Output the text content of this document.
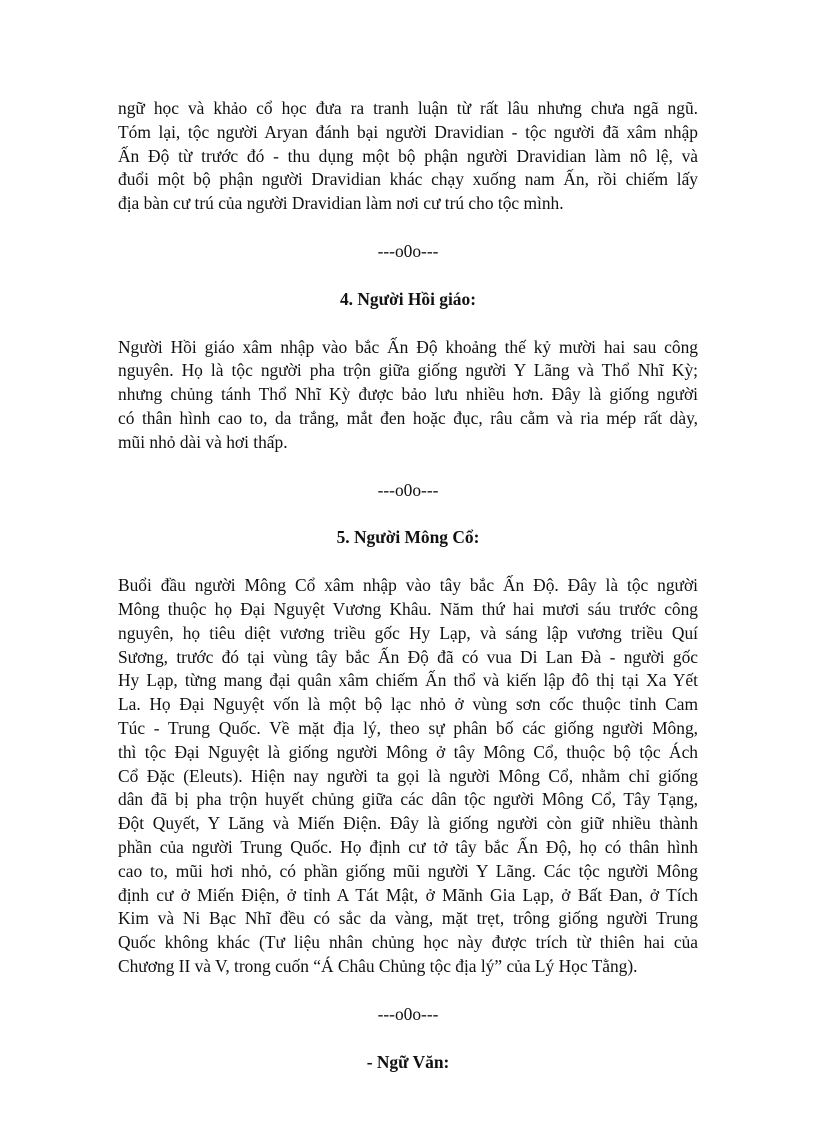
ngữ học và khảo cổ học đưa ra tranh luận từ rất lâu nhưng chưa ngã ngũ.
Tóm lại, tộc người Aryan đánh bại người Dravidian - tộc người đã xâm nhập
Ấn Độ từ trước đó - thu dụng một bộ phận người Dravidian làm nô lệ, và
đuổi một bộ phận người Dravidian khác chạy xuống nam Ấn, rồi chiếm lấy
địa bàn cư trú của người Dravidian làm nơi cư trú cho tộc mình.

---o0o---

4. Người Hồi giáo:

Người Hồi giáo xâm nhập vào bắc Ấn Độ khoảng thế kỷ mười hai sau công
nguyên. Họ là tộc người pha trộn giữa giống người Y Lãng và Thổ Nhĩ Kỳ;
nhưng chủng tánh Thổ Nhĩ Kỳ được bảo lưu nhiều hơn. Đây là giống người
có thân hình cao to, da trắng, mắt đen hoặc đục, râu cằm và ria mép rất dày,
mũi nhỏ dài và hơi thấp.

---o0o---

5. Người Mông Cổ:

Buổi đầu người Mông Cổ xâm nhập vào tây bắc Ấn Độ. Đây là tộc người
Mông thuộc họ Đại Nguyệt Vương Khâu. Năm thứ hai mươi sáu trước công
nguyên, họ tiêu diệt vương triều gốc Hy Lạp, và sáng lập vương triều Quí
Sương, trước đó tại vùng tây bắc Ấn Độ đã có vua Di Lan Đà - người gốc
Hy Lạp, từng mang đại quân xâm chiếm Ấn thổ và kiến lập đô thị tại Xa Yết
La. Họ Đại Nguyệt vốn là một bộ lạc nhỏ ở vùng sơn cốc thuộc tỉnh Cam
Túc - Trung Quốc. Về mặt địa lý, theo sự phân bố các giống người Mông,
thì tộc Đại Nguyệt là giống người Mông ở tây Mông Cổ, thuộc bộ tộc Ách
Cổ Đặc (Eleuts). Hiện nay người ta gọi là người Mông Cổ, nhằm chỉ giống
dân đã bị pha trộn huyết chủng giữa các dân tộc người Mông Cổ, Tây Tạng,
Đột Quyết, Y Lăng và Miến Điện. Đây là giống người còn giữ nhiều thành
phần của người Trung Quốc. Họ định cư tở tây bắc Ấn Độ, họ có thân hình
cao to, mũi hơi nhỏ, có phần giống mũi người Y Lãng. Các tộc người Mông
định cư ở Miến Điện, ở tỉnh A Tát Mật, ở Mãnh Gia Lạp, ở Bất Đan, ở Tích
Kim và Ni Bạc Nhĩ đều có sắc da vàng, mặt trẹt, trông giống người Trung
Quốc không khác (Tư liệu nhân chủng học này được trích từ thiên hai của
Chương II và V, trong cuốn “Á Châu Chủng tộc địa lý” của Lý Học Tằng).

---o0o---

- Ngữ Văn:
